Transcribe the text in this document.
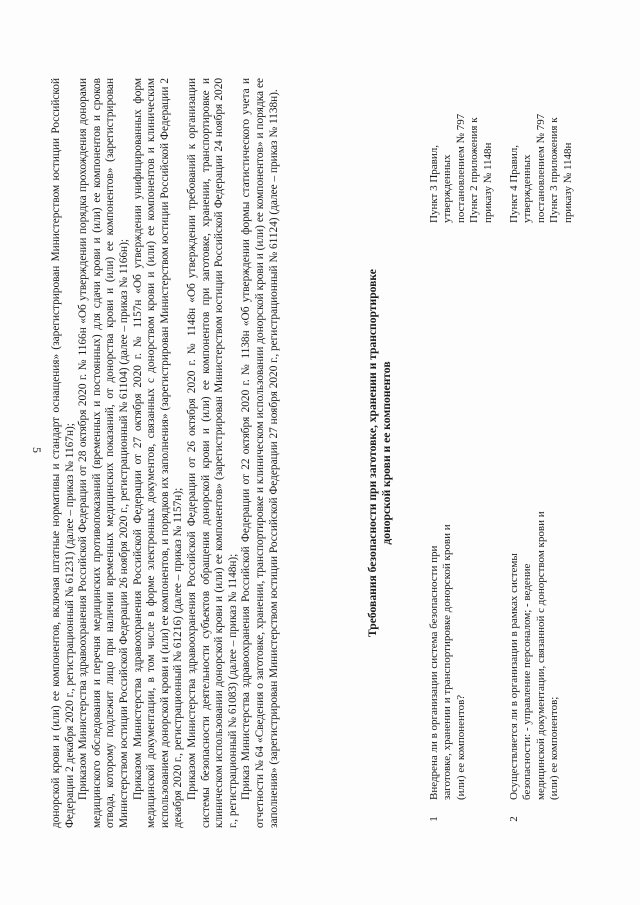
5 донорской крови и (или) ее компонентов, включая штатные нормативы и стандарт оснащения» (зарегистрирован Министерством юстиции Российской Федерации 2 декабря 2020 г., регистрационный № 61231) (далее – приказ № 1167н); Приказом Министерства здравоохранения Российской Федерации от 28 октября 2020 г. № 1166н «Об утверждении порядка прохождения донорами медицинского обследования и перечня медицинских противопоказаний (временных и постоянных) для сдачи крови и (или) ее компонентов и сроков отвода, которому подлежит лицо при наличии временных медицинских показаний, от донорства крови и (или) ее компонентов» (зарегистрирован Министерством юстиции Российской Федерации 26 ноября 2020 г., регистрационный № 61104) (далее – приказ № 1166н); Приказом Министерства здравоохранения Российской Федерации от 27 октября 2020 г. № 1157н «Об утверждении унифицированных форм медицинской документации, в том числе в форме электронных документов, связанных с донорством крови и (или) ее компонентов и клиническим использованием донорской крови и (или) ее компонентов, и порядков их заполнения» (зарегистрирован Министерством юстиции Российской Федерации 2 декабря 2020 г., регистрационный № 61216) (далее – приказ № 1157н); Приказом Министерства здравоохранения Российской Федерации от 26 октября 2020 г. № 1148н «Об утверждении требований к организации системы безопасности деятельности субъектов обращения донорской крови и (или) ее компонентов при заготовке, хранении, транспортировке и клиническом использовании донорской крови и (или) ее компонентов» (зарегистрирован Министерством юстиции Российской Федерации 24 ноября 2020 г., регистрационный № 61083) (далее – приказ № 1148н); Приказ Министерства здравоохранения Российской Федерации от 22 октября 2020 г. № 1138н «Об утверждении формы статистического учета и отчетности № 64 «Сведения о заготовке, хранении, транспортировке и клиническом использовании донорской крови и (или) ее компонентов» и порядка ее заполнения» (зарегистрирован Министерством юстиции Российской Федерации 27 ноября 2020 г., регистрационный № 61124) (далее – приказ № 1138н).	Требования безопасности при заготовке, хранении и транспортировке донорской крови и ее компонентов
1
Внедрена ли в организации система безопасности при заготовке, хранении и транспортировке донорской крови и (или) ее компонентов?
Пункт 3 Правил, утвержденных постановлением № 797 Пункт 2 приложения к приказу № 1148н
2
Осуществляется ли в организации в рамках системы безопасности: - управление персоналом; - ведение медицинской документации, связанной с донорством крови и (или) ее компонентов;
Пункт 4 Правил, утвержденных постановлением № 797 Пункт 3 приложения к приказу № 1148н
